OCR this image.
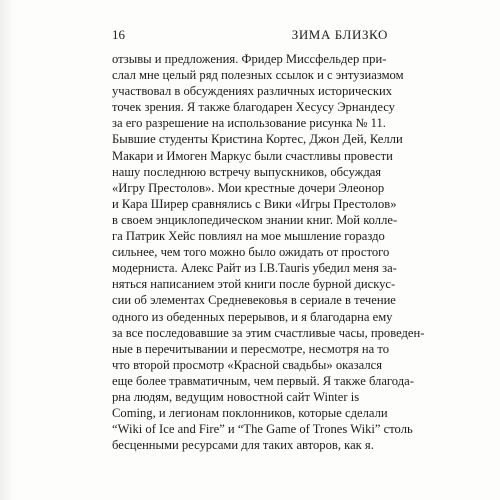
16	ЗИМА БЛИЗКО
отзывы и предложения. Фридер Миссфельдер при-
слал мне целый ряд полезных ссылок и с энтузиазмом
участвовал в обсуждениях различных исторических
точек зрения. Я также благодарен Хесусу Эрнандесу
за его разрешение на использование рисунка № 11.
Бывшие студенты Кристина Кортес, Джон Дей, Келли
Макари и Имоген Маркус были счастливы провести
нашу последнюю встречу выпускников, обсуждая
«Игру Престолов». Мои крестные дочери Элеонор
и Кара Ширер сравнялись с Вики «Игры Престолов»
в своем энциклопедическом знании книг. Мой колле-
га Патрик Хейс повлиял на мое мышление гораздо
сильнее, чем того можно было ожидать от простого
модерниста. Алекс Райт из I.B.Tauris убедил меня за-
няться написанием этой книги после бурной дискус-
сии об элементах Средневековья в сериале в течение
одного из обеденных перерывов, и я благодарна ему
за все последовавшие за этим счастливые часы, проведен-
ные в перечитывании и пересмотре, несмотря на то
что второй просмотр «Красной свадьбы» оказался
еще более травматичным, чем первый. Я также благода-
рна людям, ведущим новостной сайт Winter is
Coming, и легионам поклонников, которые сделали
“Wiki of Ice and Fire” и “The Game of Trones Wiki” столь
бесценными ресурсами для таких авторов, как я.
